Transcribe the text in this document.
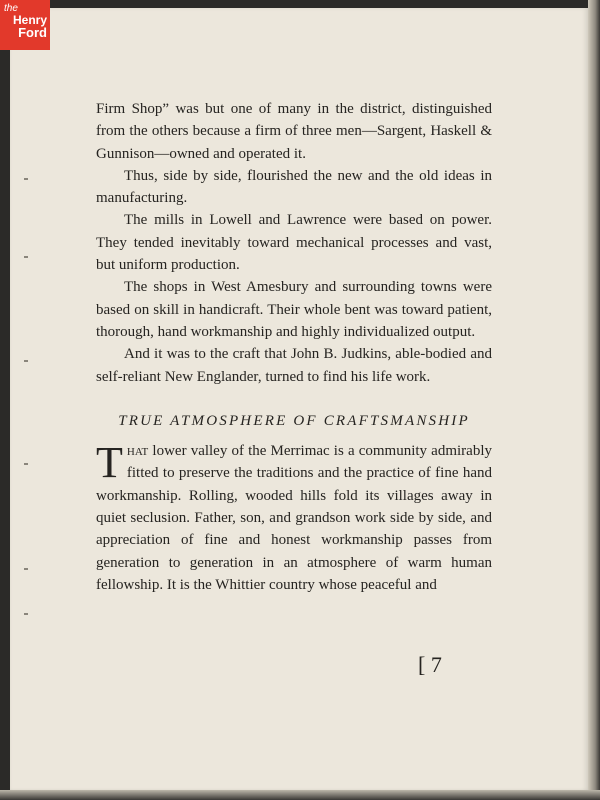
Firm Shop” was but one of many in the district, distinguished from the others because a firm of three men—Sargent, Haskell & Gunnison—owned and operated it.

Thus, side by side, flourished the new and the old ideas in manufacturing.

The mills in Lowell and Lawrence were based on power. They tended inevitably toward mechanical processes and vast, but uniform production.

The shops in West Amesbury and surrounding towns were based on skill in handicraft. Their whole bent was toward patient, thorough, hand workmanship and highly individualized output.

And it was to the craft that John B. Judkins, able-bodied and self-reliant New Englander, turned to find his life work.

TRUE ATMOSPHERE OF CRAFTSMANSHIP

That lower valley of the Merrimac is a community admirably fitted to preserve the traditions and the practice of fine hand workmanship. Rolling, wooded hills fold its villages away in quiet seclusion. Father, son, and grandson work side by side, and appreciation of fine and honest workmanship passes from generation to generation in an atmosphere of warm human fellowship. It is the Whittier country whose peaceful and

[ 7
the
Henry
Ford
